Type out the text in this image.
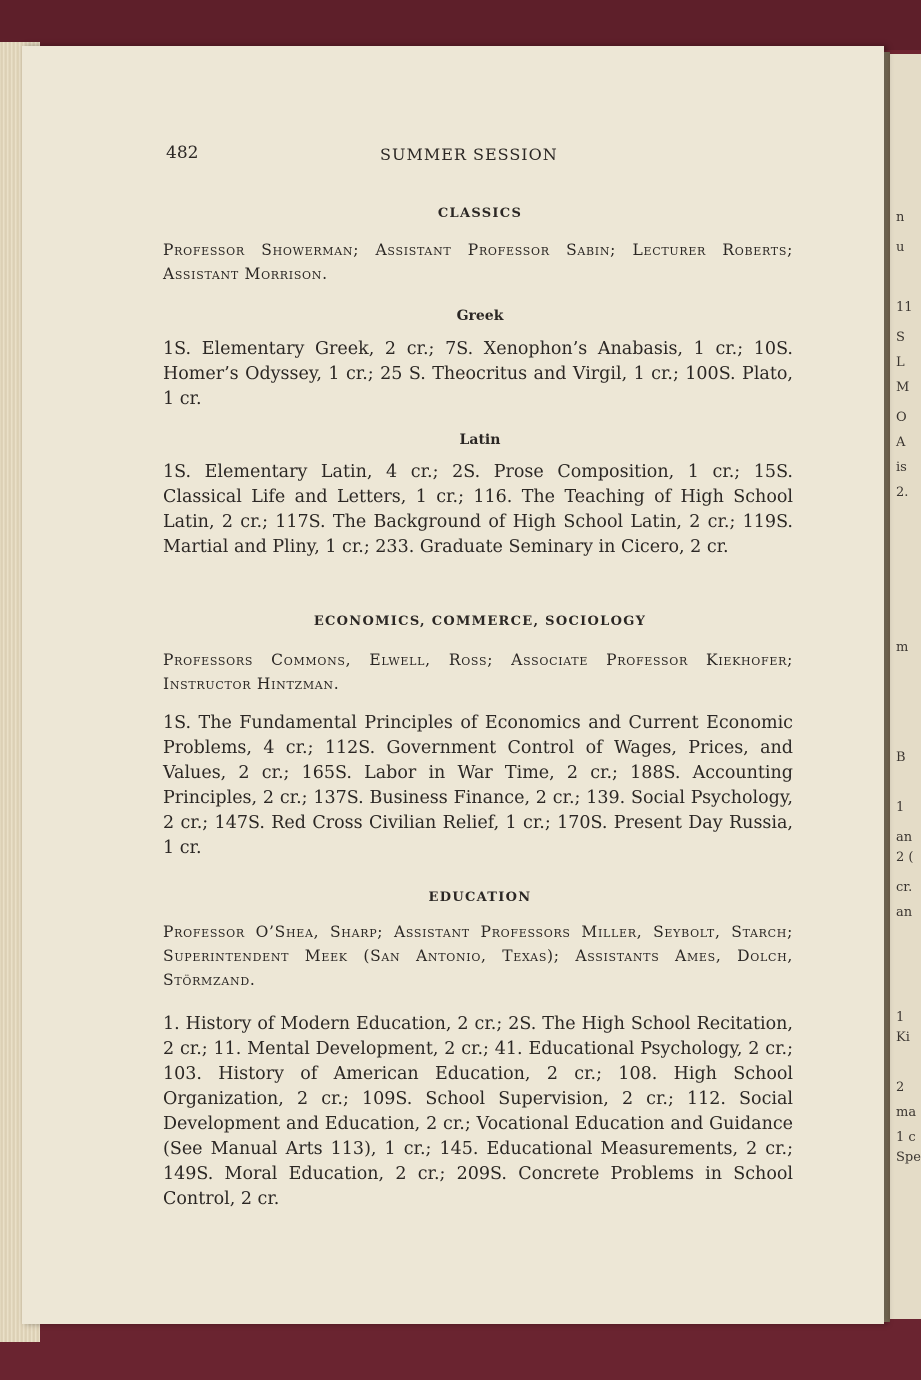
n
u
11
S
L
M
O
A
is
2.
m
B
1
an
2 (
cr.
an
1
Ki
2
ma
1 c
Spe
482	SUMMER SESSION
CLASSICS

Professor Showerman; Assistant Professor Sabin; Lecturer Roberts; Assistant Morrison.

Greek

1S. Elementary Greek, 2 cr.; 7S. Xenophon’s Anabasis, 1 cr.; 10S. Homer’s Odyssey, 1 cr.; 25 S. Theocritus and Virgil, 1 cr.; 100S. Plato, 1 cr.

Latin

1S. Elementary Latin, 4 cr.; 2S. Prose Composition, 1 cr.; 15S. Classical Life and Letters, 1 cr.; 116. The Teaching of High School Latin, 2 cr.; 117S. The Background of High School Latin, 2 cr.; 119S. Martial and Pliny, 1 cr.; 233. Graduate Seminary in Cicero, 2 cr.

ECONOMICS, COMMERCE, SOCIOLOGY

Professors Commons, Elwell, Ross; Associate Professor Kiekhofer; Instructor Hintzman.

1S. The Fundamental Principles of Economics and Current Economic Problems, 4 cr.; 112S. Government Control of Wages, Prices, and Values, 2 cr.; 165S. Labor in War Time, 2 cr.; 188S. Accounting Principles, 2 cr.; 137S. Business Finance, 2 cr.; 139. Social Psychology, 2 cr.; 147S. Red Cross Civilian Relief, 1 cr.; 170S. Present Day Russia, 1 cr.

EDUCATION

Professor O’Shea, Sharp; Assistant Professors Miller, Seybolt, Starch; Superintendent Meek (San Antonio, Texas); Assistants Ames, Dolch, Störmzand.

1. History of Modern Education, 2 cr.; 2S. The High School Recitation, 2 cr.; 11. Mental Development, 2 cr.; 41. Educational Psychology, 2 cr.; 103. History of American Education, 2 cr.; 108. High School Organization, 2 cr.; 109S. School Supervision, 2 cr.; 112. Social Development and Education, 2 cr.; Vocational Education and Guidance (See Manual Arts 113), 1 cr.; 145. Educational Measurements, 2 cr.; 149S. Moral Education, 2 cr.; 209S. Concrete Problems in School Control, 2 cr.
